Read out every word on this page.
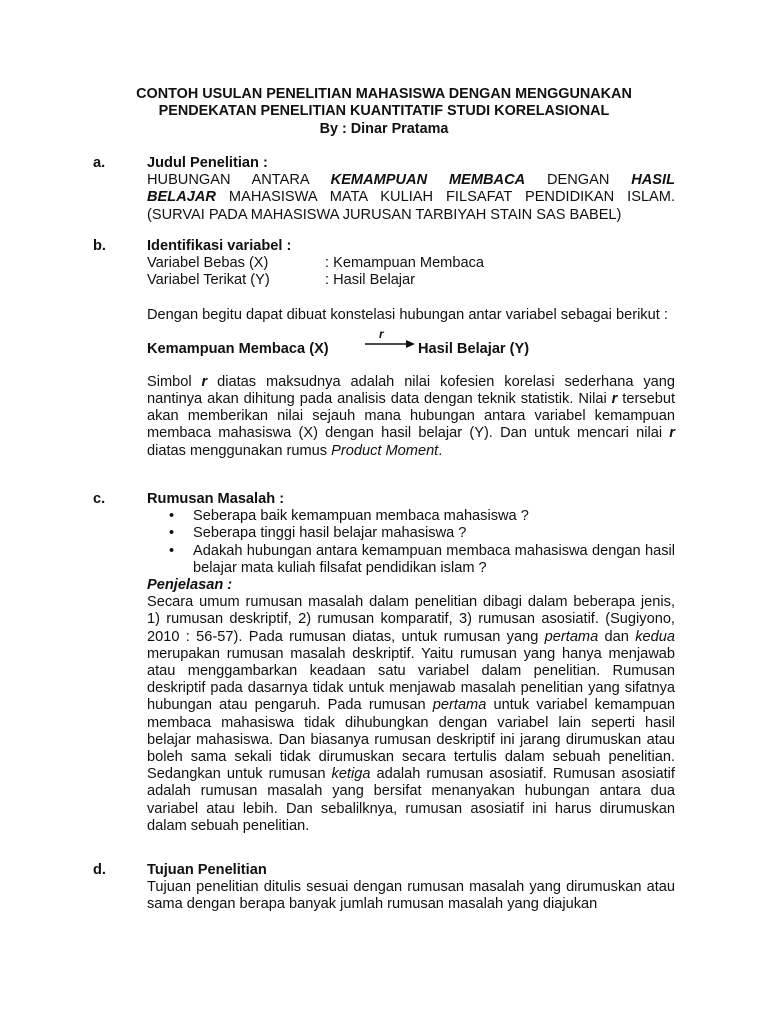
CONTOH USULAN PENELITIAN MAHASISWA DENGAN MENGGUNAKAN
PENDEKATAN PENELITIAN KUANTITATIF STUDI KORELASIONAL
By : Dinar Pratama
a.	Judul Penelitian :
HUBUNGAN ANTARA KEMAMPUAN MEMBACA DENGAN HASIL
BELAJAR MAHASISWA MATA KULIAH FILSAFAT PENDIDIKAN ISLAM.
(SURVAI PADA MAHASISWA JURUSAN TARBIYAH STAIN SAS BABEL)
b.	Identifikasi variabel :
Variabel Bebas (X)	: Kemampuan Membaca
Variabel Terikat (Y)	: Hasil Belajar
Dengan begitu dapat dibuat konstelasi hubungan antar variabel sebagai berikut :
Kemampuan Membaca (X)
r
Hasil Belajar (Y)
Simbol r diatas maksudnya adalah nilai kofesien korelasi sederhana yang nantinya akan dihitung pada analisis data dengan teknik statistik. Nilai r tersebut akan memberikan nilai sejauh mana hubungan antara variabel kemampuan membaca mahasiswa (X) dengan hasil belajar (Y). Dan untuk mencari nilai r diatas menggunakan rumus Product Moment.
c.	Rumusan Masalah :
• Seberapa baik kemampuan membaca mahasiswa ?
• Seberapa tinggi hasil belajar mahasiswa ?
• Adakah hubungan antara kemampuan membaca mahasiswa dengan hasil belajar mata kuliah filsafat pendidikan islam ?
Penjelasan :
Secara umum rumusan masalah dalam penelitian dibagi dalam beberapa jenis, 1) rumusan deskriptif, 2) rumusan komparatif, 3) rumusan asosiatif. (Sugiyono, 2010 : 56-57). Pada rumusan diatas, untuk rumusan yang pertama dan kedua merupakan rumusan masalah deskriptif. Yaitu rumusan yang hanya menjawab atau menggambarkan keadaan satu variabel dalam penelitian. Rumusan deskriptif pada dasarnya tidak untuk menjawab masalah penelitian yang sifatnya hubungan atau pengaruh. Pada rumusan pertama untuk variabel kemampuan membaca mahasiswa tidak dihubungkan dengan variabel lain seperti hasil belajar mahasiswa. Dan biasanya rumusan deskriptif ini jarang dirumuskan atau boleh sama sekali tidak dirumuskan secara tertulis dalam sebuah penelitian. Sedangkan untuk rumusan ketiga adalah rumusan asosiatif. Rumusan asosiatif adalah rumusan masalah yang bersifat menanyakan hubungan antara dua variabel atau lebih. Dan sebalilknya, rumusan asosiatif ini harus dirumuskan dalam sebuah penelitian.
d.	Tujuan Penelitian
Tujuan penelitian ditulis sesuai dengan rumusan masalah yang dirumuskan atau sama dengan berapa banyak jumlah rumusan masalah yang diajukan
